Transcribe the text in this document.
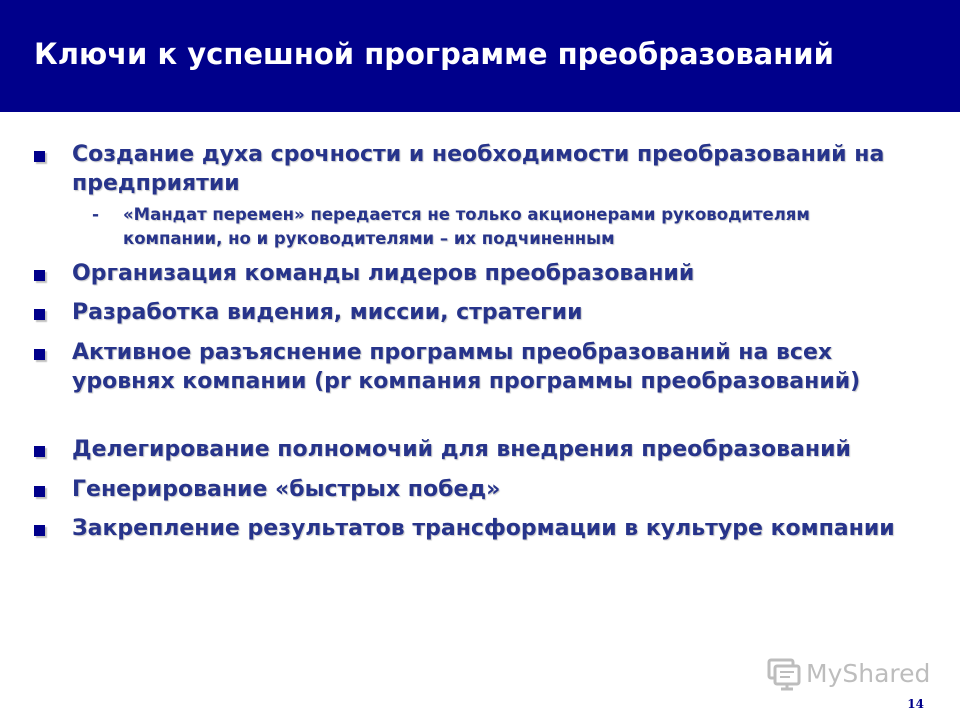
Ключи к успешной программе преобразований
Создание духа срочности и необходимости преобразований на предприятии
- «Мандат перемен» передается не только акционерами руководителям компании, но и руководителями – их подчиненным
Организация команды лидеров преобразований
Разработка видения, миссии, стратегии
Активное разъяснение программы преобразований на всех уровнях компании (pr компания программы преобразований)
Делегирование полномочий для внедрения преобразований
Генерирование «быстрых побед»
Закрепление результатов трансформации в культуре компании
MyShared
14
